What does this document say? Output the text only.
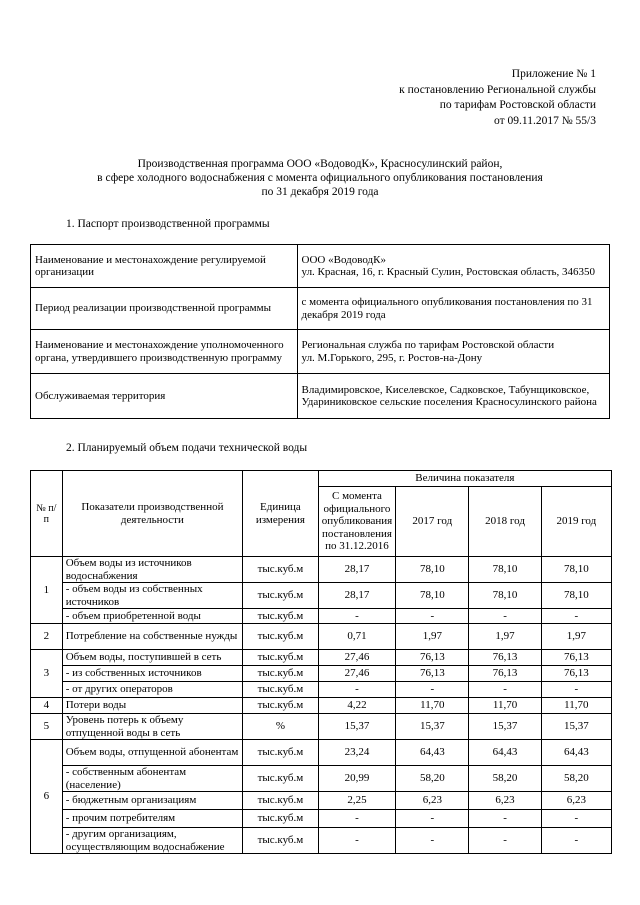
Приложение № 1
к постановлению Региональной службы
по тарифам Ростовской области
от 09.11.2017 № 55/3
Производственная программа ООО «ВодоводК», Красносулинский район,
в сфере холодного водоснабжения с момента официального опубликования постановления
по 31 декабря 2019 года
1. Паспорт производственной программы
Наименование и местонахождение регулируемой организации	ООО «ВодоводК»
ул. Красная, 16, г. Красный Сулин, Ростовская область, 346350

Период реализации производственной программы	с момента официального опубликования постановления по 31 декабря 2019 года
Наименование и местонахождение уполномоченного органа, утвердившего производственную программу	Региональная служба по тарифам Ростовской области
ул. М.Горького, 295, г. Ростов-на-Дону

Обслуживаемая территория	Владимировское, Киселевское, Садковское, Табунщиковское, Удариниковское сельские поселения Красносулинского района
2. Планируемый объем подачи технической воды
№ п/п	Показатели производственной деятельности	Единица измерения	Величина показателя			
			С момента официального опубликования постановления по 31.12.2016	2017 год	2018 год	2019 год
1	Объем воды из источников водоснабжения	тыс.куб.м	28,17	78,10	78,10	78,10
	- объем воды из собственных источников	тыс.куб.м	28,17	78,10	78,10	78,10
	- объем приобретенной воды	тыс.куб.м	-	-	-	-
2	Потребление на собственные нужды	тыс.куб.м	0,71	1,97	1,97	1,97
3	Объем воды, поступившей в сеть	тыс.куб.м	27,46	76,13	76,13	76,13
	- из собственных источников	тыс.куб.м	27,46	76,13	76,13	76,13
	- от других операторов	тыс.куб.м	-	-	-	-
4	Потери воды	тыс.куб.м	4,22	11,70	11,70	11,70
5	Уровень потерь к объему отпущенной воды в сеть	%	15,37	15,37	15,37	15,37
6	Объем воды, отпущенной абонентам	тыс.куб.м	23,24	64,43	64,43	64,43
	- собственным абонентам (население)	тыс.куб.м	20,99	58,20	58,20	58,20
	- бюджетным организациям	тыс.куб.м	2,25	6,23	6,23	6,23
	- прочим потребителям	тыс.куб.м	-	-	-	-
	- другим организациям, осуществляющим водоснабжение	тыс.куб.м	-	-	-	-
